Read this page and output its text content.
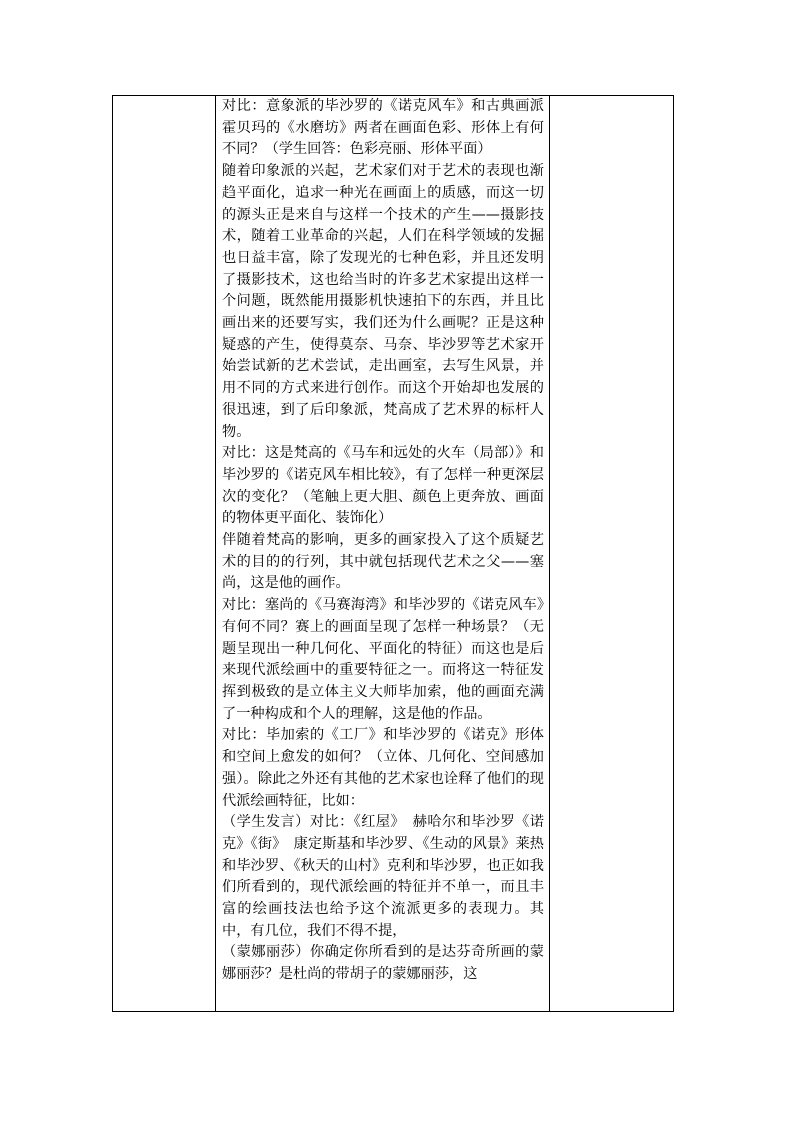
对比：意象派的毕沙罗的《诺克风车》和古典画派霍贝玛的《水磨坊》两者在画面色彩、形体上有何不同？（学生回答：色彩亮丽、形体平面）

随着印象派的兴起，艺术家们对于艺术的表现也渐趋平面化，追求一种光在画面上的质感，而这一切的源头正是来自与这样一个技术的产生——摄影技术，随着工业革命的兴起，人们在科学领域的发掘也日益丰富，除了发现光的七种色彩，并且还发明了摄影技术，这也给当时的许多艺术家提出这样一个问题，既然能用摄影机快速拍下的东西，并且比画出来的还要写实，我们还为什么画呢？正是这种疑惑的产生，使得莫奈、马奈、毕沙罗等艺术家开始尝试新的艺术尝试，走出画室，去写生风景，并用不同的方式来进行创作。而这个开始却也发展的很迅速，到了后印象派，梵高成了艺术界的标杆人物。

对比：这是梵高的《马车和远处的火车（局部）》和毕沙罗的《诺克风车相比较》，有了怎样一种更深层次的变化？（笔触上更大胆、颜色上更奔放、画面的物体更平面化、装饰化）

伴随着梵高的影响，更多的画家投入了这个质疑艺术的目的的行列，其中就包括现代艺术之父——塞尚，这是他的画作。

对比：塞尚的《马赛海湾》和毕沙罗的《诺克风车》有何不同？赛上的画面呈现了怎样一种场景？（无题呈现出一种几何化、平面化的特征）而这也是后来现代派绘画中的重要特征之一。而将这一特征发挥到极致的是立体主义大师毕加索，他的画面充满了一种构成和个人的理解，这是他的作品。

对比：毕加索的《工厂》和毕沙罗的《诺克》形体和空间上愈发的如何？（立体、几何化、空间感加强）。除此之外还有其他的艺术家也诠释了他们的现代派绘画特征，比如：

（学生发言）对比：《红屋》　赫哈尔和毕沙罗《诺克》《街》　康定斯基和毕沙罗、《生动的风景》莱热和毕沙罗、《秋天的山村》克利和毕沙罗，也正如我们所看到的，现代派绘画的特征并不单一，而且丰富的绘画技法也给予这个流派更多的表现力。其中，有几位，我们不得不提，

（蒙娜丽莎）你确定你所看到的是达芬奇所画的蒙娜丽莎？是杜尚的带胡子的蒙娜丽莎，这
